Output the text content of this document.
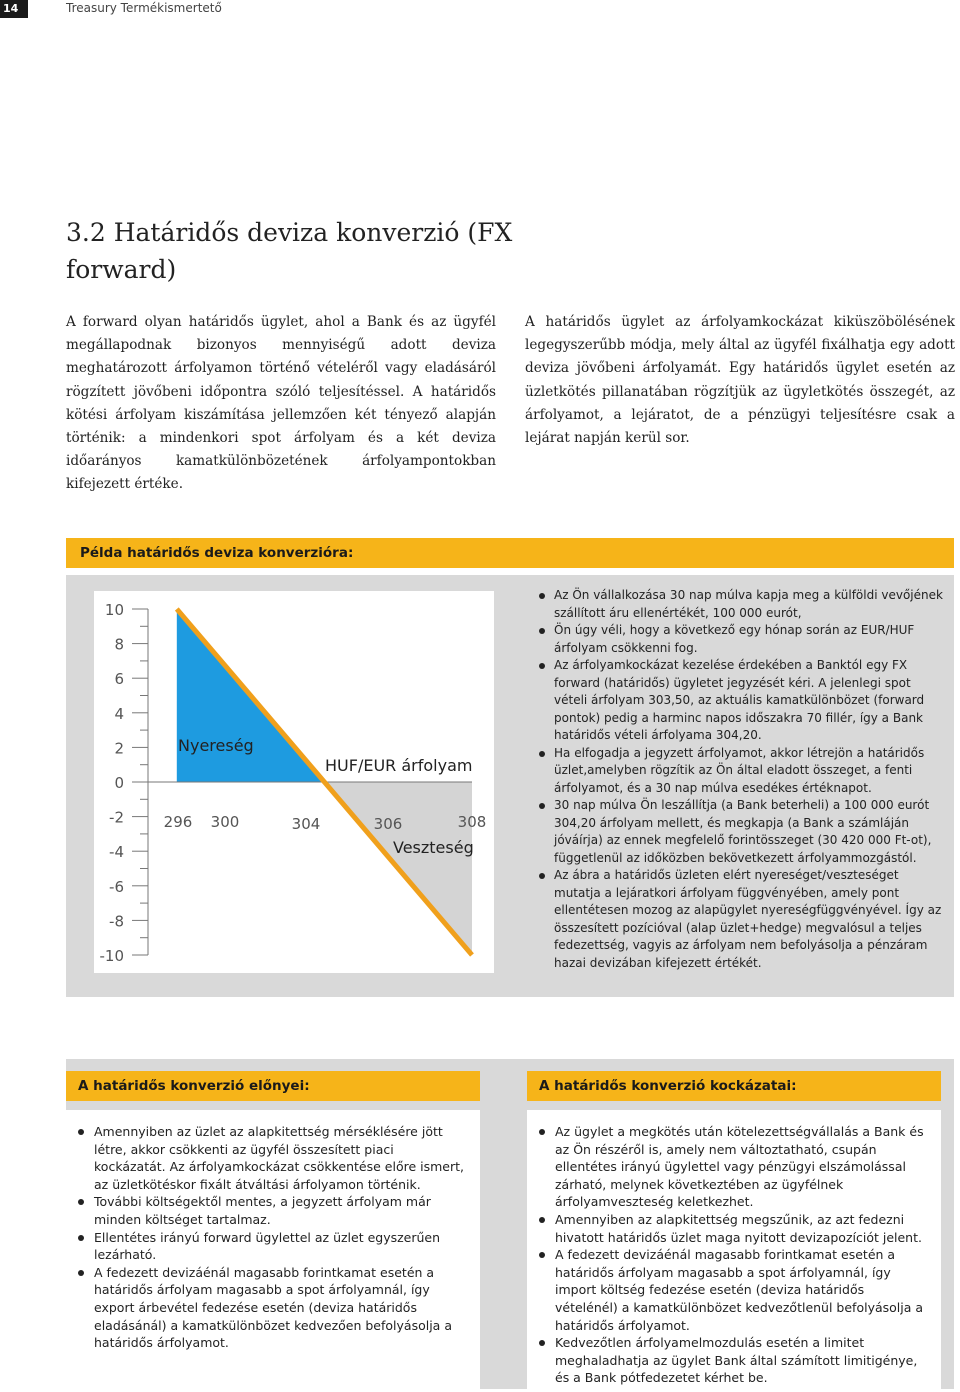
14	Treasury Termékismertető
3.2 Határidős deviza konverzió (FX forward)
A forward olyan határidős ügylet, ahol a Bank és az ügyfél megállapodnak bizonyos mennyiségű adott deviza meghatározott árfolyamon történő vételéről vagy eladásáról rögzített jövőbeni időpontra szóló teljesítéssel. A határidős kötési árfolyam kiszámítása jellemzően két tényező alapján történik: a mindenkori spot árfolyam és a két deviza időarányos kamatkülönbözetének árfolyampontokban kifejezett értéke.
A határidős ügylet az árfolyamkockázat kiküszöbölésének legegyszerűbb módja, mely által az ügyfél fixálhatja egy adott deviza jövőbeni árfolyamát. Egy határidős ügylet esetén az üzletkötés pillanatában rögzítjük az ügyletkötés összegét, az árfolyamot, a lejáratot, de a pénzügyi teljesítésre csak a lejárat napján kerül sor.
Példa határidős deviza konverzióra:
10
8
6
4
2
0
-2
-4
-6
-8
-10
296 300	304	306	308
Nyereség
HUF/EUR árfolyam
Veszteség
Az Ön vállalkozása 30 nap múlva kapja meg a külföldi vevőjének szállított áru ellenértékét, 100 000 eurót,
Ön úgy véli, hogy a következő egy hónap során az EUR/HUF árfolyam csökkenni fog.
Az árfolyamkockázat kezelése érdekében a Banktól egy FX forward (határidős) ügyletet jegyzését kéri. A jelenlegi spot vételi árfolyam 303,50, az aktuális kamatkülönbözet (forward pontok) pedig a harminc napos időszakra 70 fillér, így a Bank határidős vételi árfolyama 304,20.
Ha elfogadja a jegyzett árfolyamot, akkor létrejön a határidős üzlet,amelyben rögzítik az Ön által eladott összeget, a fenti árfolyamot, és a 30 nap múlva esedékes értéknapot.
30 nap múlva Ön leszállítja (a Bank beterheli) a 100 000 eurót 304,20 árfolyam mellett, és megkapja (a Bank a számláján jóváírja) az ennek megfelelő forintösszeget (30 420 000 Ft-ot), függetlenül az időközben bekövetkezett árfolyammozgástól.
Az ábra a határidős üzleten elért nyereséget/veszteséget mutatja a lejáratkori árfolyam függvényében, amely pont ellentétesen mozog az alapügylet nyereségfüggvényével. Így az összesített pozícióval (alap üzlet+hedge) megvalósul a teljes fedezettség, vagyis az árfolyam nem befolyásolja a pénzáram hazai devizában kifejezett értékét.
A határidős konverzió előnyei:
Amennyiben az üzlet az alapkitettség mérséklésére jött létre, akkor csökkenti az ügyfél összesített piaci kockázatát. Az árfolyamkockázat csökkentése előre ismert, az üzletkötéskor fixált átváltási árfolyamon történik.
További költségektől mentes, a jegyzett árfolyam már minden költséget tartalmaz.
Ellentétes irányú forward ügylettel az üzlet egyszerűen lezárható.
A fedezett devizáénál magasabb forintkamat esetén a határidős árfolyam magasabb a spot árfolyamnál, így export árbevétel fedezése esetén (deviza határidős eladásánál) a kamatkülönbözet kedvezően befolyásolja a határidős árfolyamot.
A határidős konverzió kockázatai:
Az ügylet a megkötés után kötelezettségvállalás a Bank és az Ön részéről is, amely nem változtatható, csupán ellentétes irányú ügylettel vagy pénzügyi elszámolással zárható, melynek következtében az ügyfélnek árfolyamveszteség keletkezhet.
Amennyiben az alapkitettség megszűnik, az azt fedezni hivatott határidős üzlet maga nyitott devizapozíciót jelent.
A fedezett devizáénál magasabb forintkamat esetén a határidős árfolyam magasabb a spot árfolyamnál, így import költség fedezése esetén (deviza határidős vételénél) a kamatkülönbözet kedvezőtlenül befolyásolja a határidős árfolyamot.
Kedvezőtlen árfolyamelmozdulás esetén a limitet meghaladhatja az ügylet Bank által számított limitigénye, és a Bank pótfedezetet kérhet be.
